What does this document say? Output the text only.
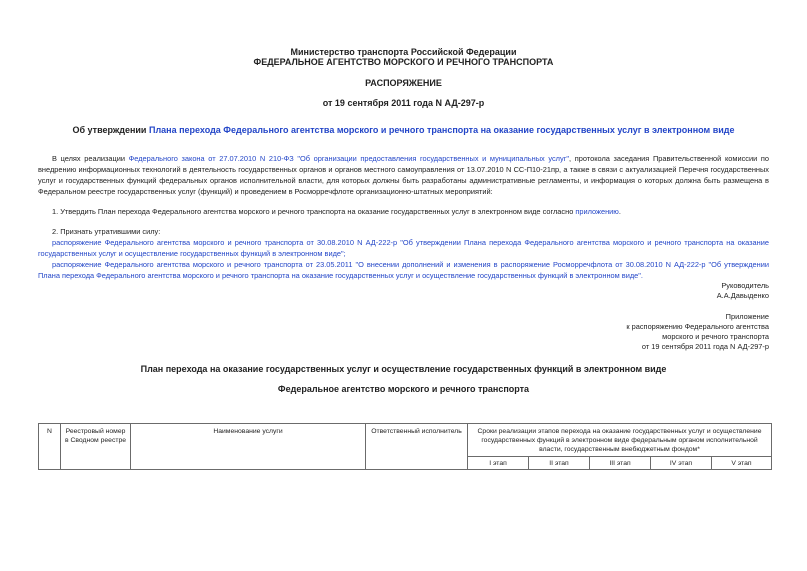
Министерство транспорта Российской Федерации

ФЕДЕРАЛЬНОЕ АГЕНТСТВО МОРСКОГО И РЕЧНОГО ТРАНСПОРТА

РАСПОРЯЖЕНИЕ

от 19 сентября 2011 года N АД-297-р

Об утверждении Плана перехода Федерального агентства морского и речного транспорта на оказание государственных услуг в электронном виде

В целях реализации Федерального закона от 27.07.2010 N 210-ФЗ "Об организации предоставления государственных и муниципальных услуг", протокола заседания Правительственной комиссии по внедрению информационных технологий в деятельность государственных органов и органов местного самоуправления от 13.07.2010 N СС-П10-21пр, а также в связи с актуализацией Перечня государственных услуг и государственных функций федеральных органов исполнительной власти, для которых должны быть разработаны административные регламенты, и информация о которых должна быть размещена в Федеральном реестре государственных услуг (функций) и проведением в Росморречфлоте организационно-штатных мероприятий:

1. Утвердить План перехода Федерального агентства морского и речного транспорта на оказание государственных услуг в электронном виде согласно приложению.

2. Признать утратившими силу:

распоряжение Федерального агентства морского и речного транспорта от 30.08.2010 N АД-222-р "Об утверждении Плана перехода Федерального агентства морского и речного транспорта на оказание государственных услуг и осуществление государственных функций в электронном виде";

распоряжение Федерального агентства морского и речного транспорта от 23.05.2011 "О внесении дополнений и изменения в распоряжение Росморречфлота от 30.08.2010 N АД-222-р "Об утверждении Плана перехода Федерального агентства морского и речного транспорта на оказание государственных услуг и осуществление государственных функций в электронном виде".

Руководитель

А.А.Давыденко

Приложение

к распоряжению Федерального агентства

морского и речного транспорта

от 19 сентября 2011 года N АД-297-р

План перехода на оказание государственных услуг и осуществление государственных функций в электронном виде

Федеральное агентство морского и речного транспорта

N	Реестровый номер в Сводном реестре	Наименование услуги	Ответственный исполнитель	Сроки реализации этапов перехода на оказание государственных услуг и осуществление государственных функций в электронном виде федеральным органом исполнительной власти, государственным внебюджетным фондом*				
				I этап	II этап	III этап	IV этап	V этап
